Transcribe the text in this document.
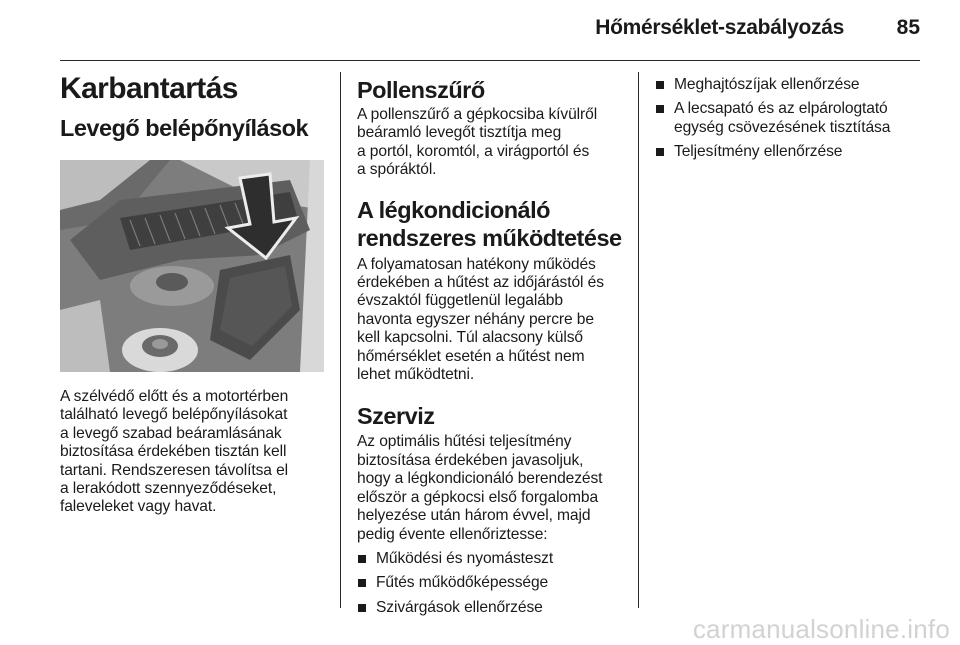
Hőmérséklet-szabályozás	85
Karbantartás
Levegő belépőnyílások

A szélvédő előtt és a motortérben

található levegő belépőnyílásokat

a levegő szabad beáramlásának

biztosítása érdekében tisztán kell

tartani. Rendszeresen távolítsa el

a lerakódott szennyeződéseket,

faleveleket vagy havat.

Pollenszűrő

A pollenszűrő a gépkocsiba kívülről

beáramló levegőt tisztítja meg

a portól, koromtól, a virágportól és

a spóráktól.

A légkondicionáló
rendszeres működtetése

A folyamatosan hatékony működés

érdekében a hűtést az időjárástól és

évszaktól függetlenül legalább

havonta egyszer néhány percre be

kell kapcsolni. Túl alacsony külső

hőmérséklet esetén a hűtést nem

lehet működtetni.

Szerviz

Az optimális hűtési teljesítmény

biztosítása érdekében javasoljuk,

hogy a légkondicionáló berendezést

először a gépkocsi első forgalomba

helyezése után három évvel, majd

pedig évente ellenőriztesse:

Működési és nyomásteszt
Fűtés működőképessége
Szivárgások ellenőrzése
Meghajtószíjak ellenőrzése
A lecsapató és az elpárologtató
egység csövezésének tisztítása
Teljesítmény ellenőrzése
carmanualsonline.info
